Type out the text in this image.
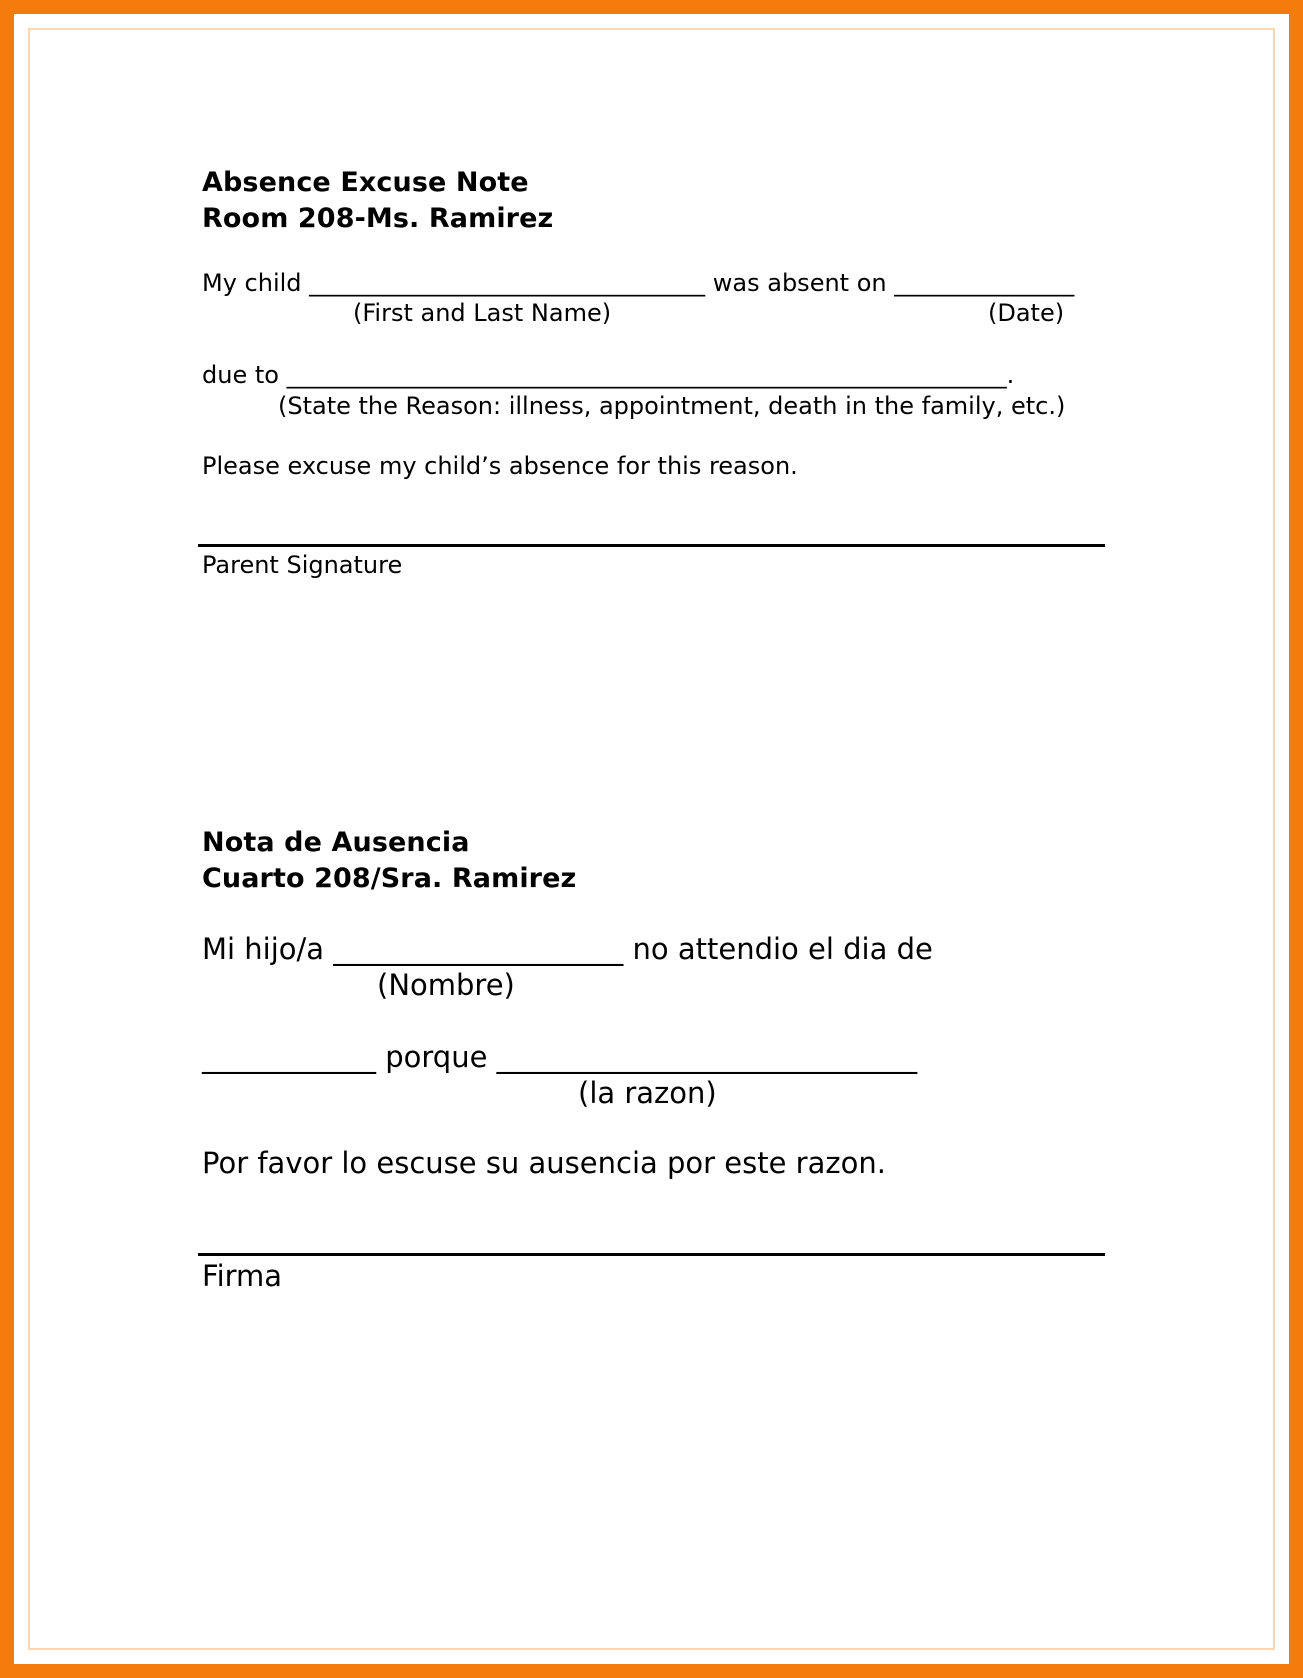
Absence Excuse Note
Room 208-Ms. Ramirez
My child _________________________________ was absent on _______________
(First and Last Name)	(Date)
due to ____________________________________________________________.
(State the Reason: illness, appointment, death in the family, etc.)
Please excuse my child’s absence for this reason.
Parent Signature
Nota de Ausencia
Cuarto 208/Sra. Ramirez
Mi hijo/a ____________________ no attendio el dia de
(Nombre)
____________ porque _____________________________
(la razon)
Por favor lo escuse su ausencia por este razon.
Firma
